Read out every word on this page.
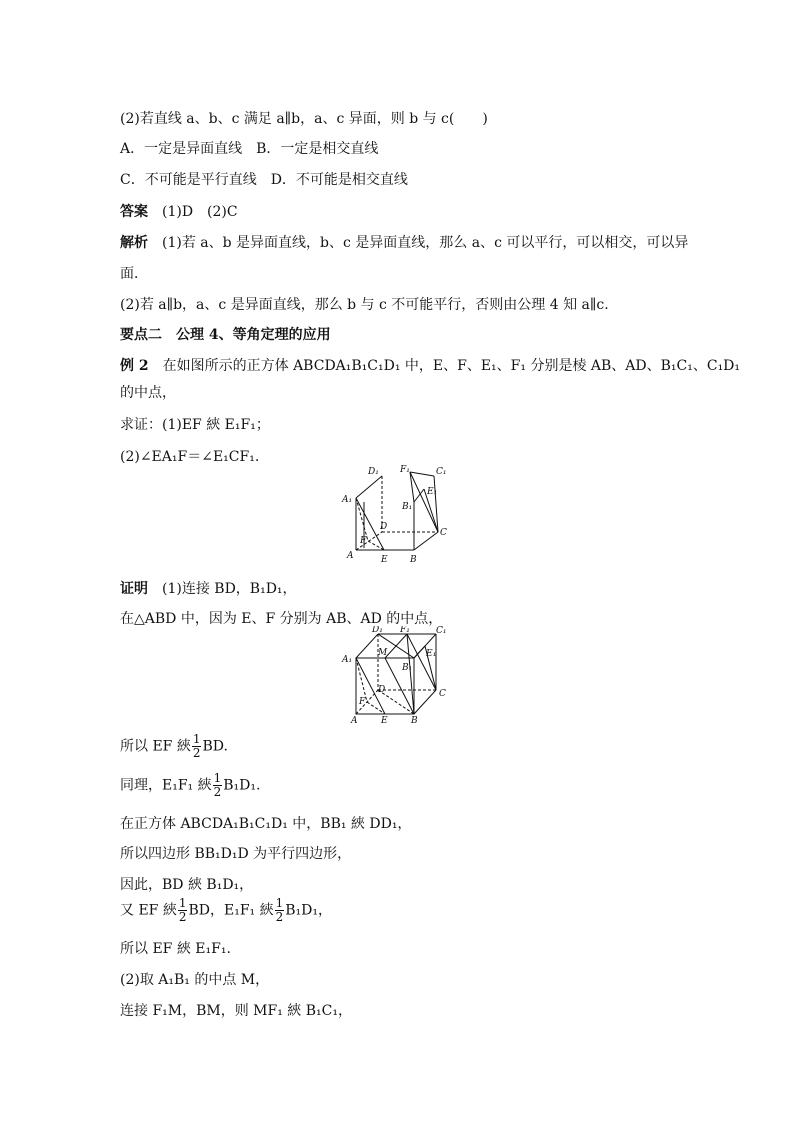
(2)若直线 a、b、c 满足 a∥b，a、c 异面，则 b 与 c(　　)
A．一定是异面直线　B．一定是相交直线
C．不可能是平行直线　D．不可能是相交直线
答案 (1)D　(2)C
解析 (1)若 a、b 是异面直线，b、c 是异面直线，那么 a、c 可以平行，可以相交，可以异
面．
(2)若 a∥b，a、c 是异面直线，那么 b 与 c 不可能平行，否则由公理 4 知 a∥c.
要点二　公理 4、等角定理的应用
例 2 在如图所示的正方体 ABCDA₁B₁C₁D₁ 中，E、F、E₁、F₁ 分别是棱 AB、AD、B₁C₁、C₁D₁
的中点，
求证：(1)EF 綊 E₁F₁；
(2)∠EA₁F＝∠E₁CF₁.
D₁ F₁	C₁
A₁
E₁
B₁
D
C
F
A	E B
证明 (1)连接 BD，B₁D₁，
在△ABD 中，因为 E、F 分别为 AB、AD 的中点，
D₁ F₁	C₁
A₁
M	E₁
B₁
D	C
F
A	E	B
所以 EF 綊 $\frac{1}{2}$ BD.
同理，E₁F₁ 綊 $\frac{1}{2} B_1D_1$.
在正方体 ABCDA₁B₁C₁D₁ 中，BB₁ 綊 DD₁，
所以四边形 BB₁D₁D 为平行四边形，
因此，BD 綊 B₁D₁，
又 EF 綊 $\frac{1}{2}$ BD，E₁F₁ 綊 $\frac{1}{2} B_1D_1$，
所以 EF 綊 E₁F₁.
(2)取 A₁B₁ 的中点 M，
连接 F₁M，BM，则 MF₁ 綊 B₁C₁，
